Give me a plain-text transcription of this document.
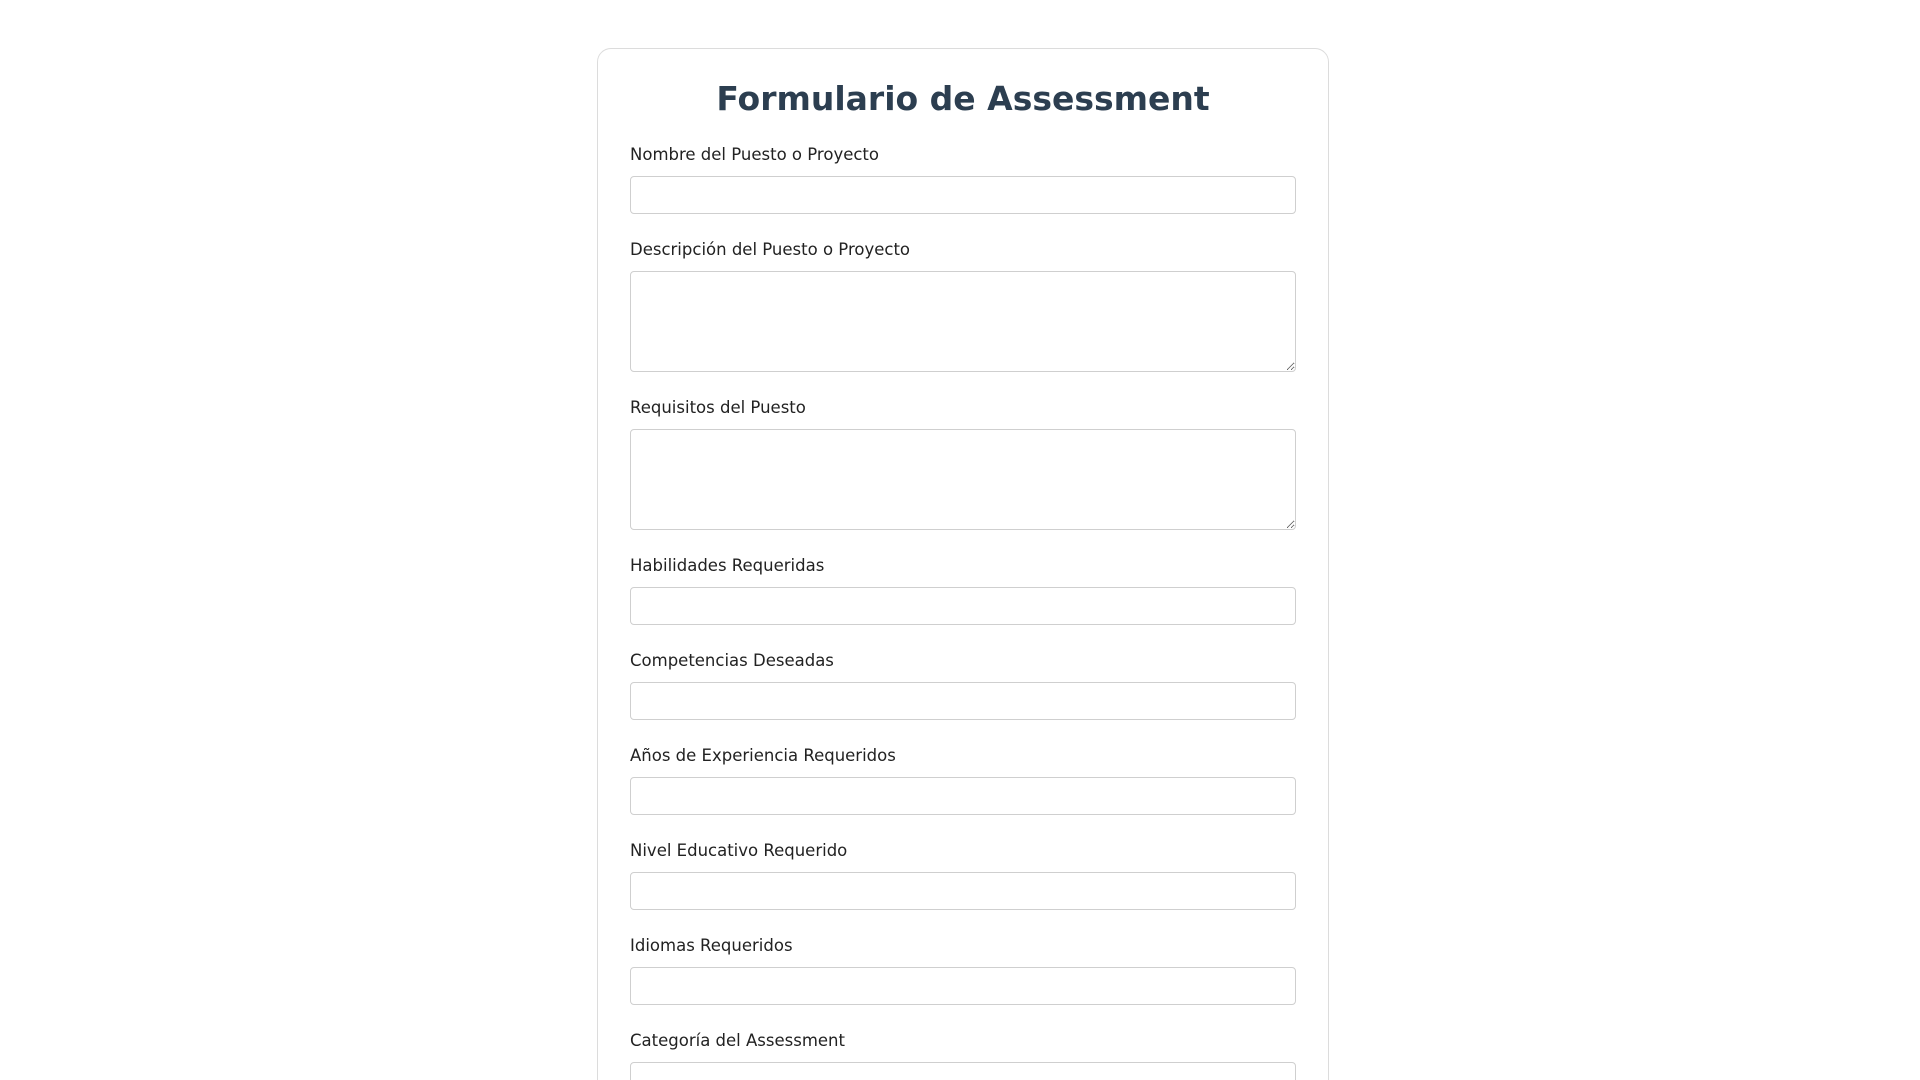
Formulario de Assessment
Nombre del Puesto o Proyecto
Descripción del Puesto o Proyecto
Requisitos del Puesto
Habilidades Requeridas
Competencias Deseadas
Años de Experiencia Requeridos
Nivel Educativo Requerido
Idiomas Requeridos
Categoría del Assessment
